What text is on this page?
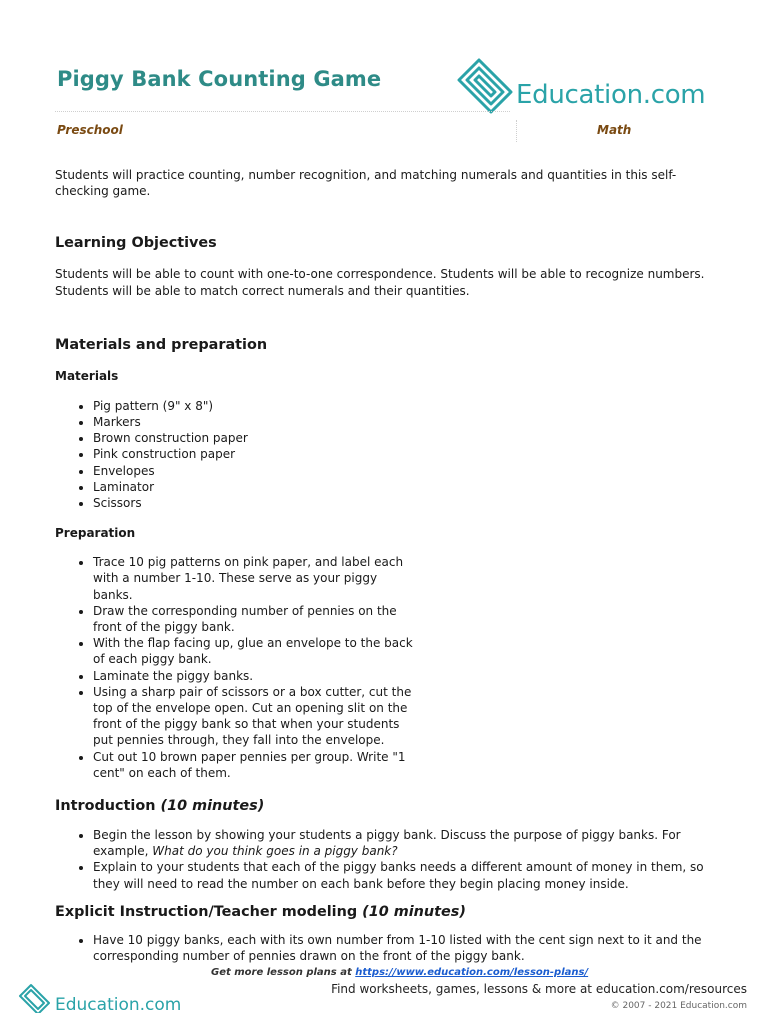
Piggy Bank Counting Game
Education.com
Preschool	Math

Students will practice counting, number recognition, and matching numerals and quantities in this self-checking game.

Learning Objectives

Students will be able to count with one-to-one correspondence. Students will be able to recognize numbers. Students will be able to match correct numerals and their quantities.

Materials and preparation
Materials
• Pig pattern (9" x 8")
• Markers
• Brown construction paper
• Pink construction paper
• Envelopes
• Laminator
• Scissors
Preparation
• Trace 10 pig patterns on pink paper, and label each with a number 1-10. These serve as your piggy banks.
• Draw the corresponding number of pennies on the front of the piggy bank.
• With the flap facing up, glue an envelope to the back of each piggy bank.
• Laminate the piggy banks.
• Using a sharp pair of scissors or a box cutter, cut the top of the envelope open. Cut an opening slit on the front of the piggy bank so that when your students put pennies through, they fall into the envelope.
• Cut out 10 brown paper pennies per group. Write "1 cent" on each of them.
Introduction (10 minutes)
• Begin the lesson by showing your students a piggy bank. Discuss the purpose of piggy banks. For example, What do you think goes in a piggy bank?
• Explain to your students that each of the piggy banks needs a different amount of money in them, so they will need to read the number on each bank before they begin placing money inside.
Explicit Instruction/Teacher modeling (10 minutes)
• Have 10 piggy banks, each with its own number from 1-10 listed with the cent sign next to it and the corresponding number of pennies drawn on the front of the piggy bank.
Get more lesson plans at https://www.education.com/lesson-plans/
Education.com
Find worksheets, games, lessons & more at education.com/resources
© 2007 - 2021 Education.com
